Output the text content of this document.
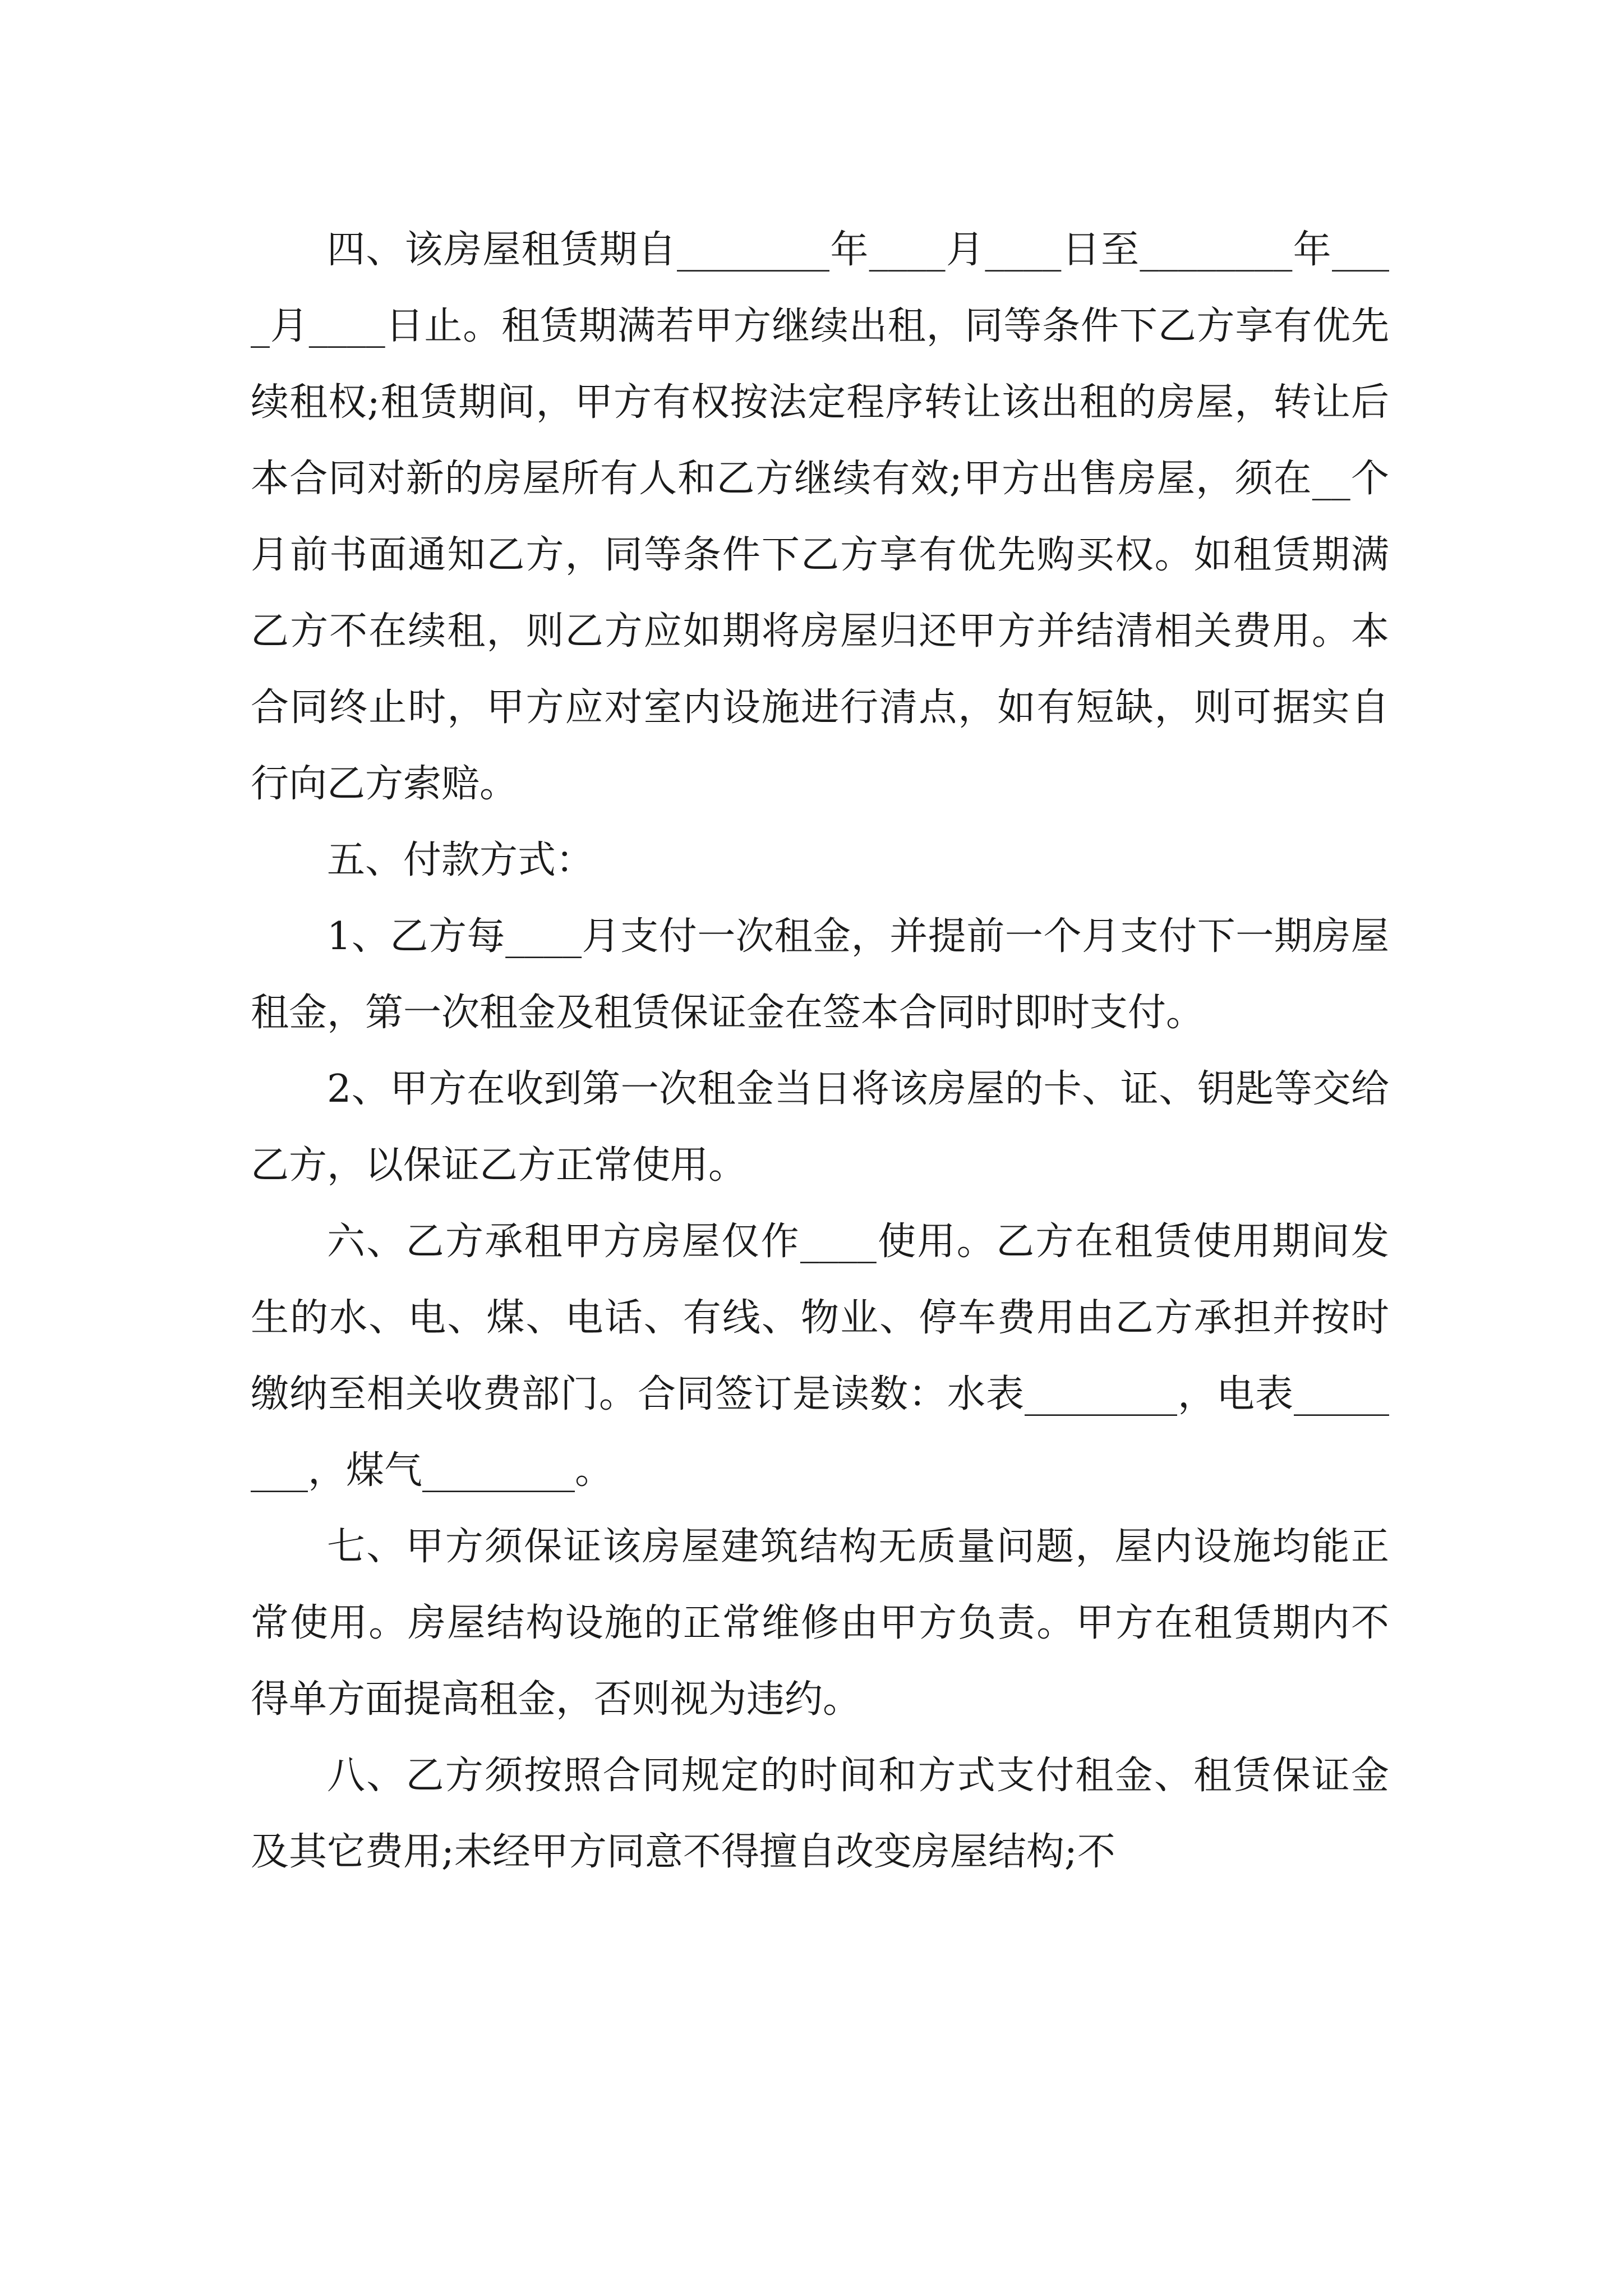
四、该房屋租赁期自________年____月____日至________年____月____日止。租赁期满若甲方继续出租，同等条件下乙方享有优先续租权;租赁期间，甲方有权按法定程序转让该出租的房屋，转让后本合同对新的房屋所有人和乙方继续有效;甲方出售房屋，须在__个月前书面通知乙方，同等条件下乙方享有优先购买权。如租赁期满乙方不在续租，则乙方应如期将房屋归还甲方并结清相关费用。本合同终止时，甲方应对室内设施进行清点，如有短缺，则可据实自行向乙方索赔。

五、付款方式：

1、乙方每____月支付一次租金，并提前一个月支付下一期房屋租金，第一次租金及租赁保证金在签本合同时即时支付。

2、甲方在收到第一次租金当日将该房屋的卡、证、钥匙等交给乙方，以保证乙方正常使用。

六、乙方承租甲方房屋仅作____使用。乙方在租赁使用期间发生的水、电、煤、电话、有线、物业、停车费用由乙方承担并按时缴纳至相关收费部门。合同签订是读数：水表________，电表________，煤气________。

七、甲方须保证该房屋建筑结构无质量问题，屋内设施均能正常使用。房屋结构设施的正常维修由甲方负责。甲方在租赁期内不得单方面提高租金，否则视为违约。

八、乙方须按照合同规定的时间和方式支付租金、租赁保证金及其它费用;未经甲方同意不得擅自改变房屋结构;不
